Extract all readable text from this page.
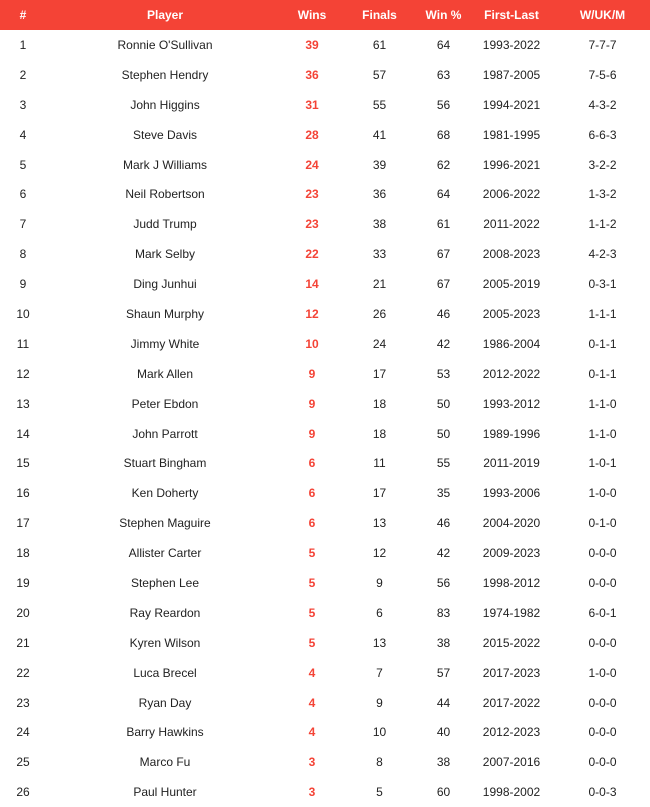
#	Player	Wins	Finals	Win %	First-Last	W/UK/M
1	Ronnie O'Sullivan	39	61	64	1993-2022	7-7-7
2	Stephen Hendry	36	57	63	1987-2005	7-5-6
3	John Higgins	31	55	56	1994-2021	4-3-2
4	Steve Davis	28	41	68	1981-1995	6-6-3
5	Mark J Williams	24	39	62	1996-2021	3-2-2
6	Neil Robertson	23	36	64	2006-2022	1-3-2
7	Judd Trump	23	38	61	2011-2022	1-1-2
8	Mark Selby	22	33	67	2008-2023	4-2-3
9	Ding Junhui	14	21	67	2005-2019	0-3-1
10	Shaun Murphy	12	26	46	2005-2023	1-1-1
11	Jimmy White	10	24	42	1986-2004	0-1-1
12	Mark Allen	9	17	53	2012-2022	0-1-1
13	Peter Ebdon	9	18	50	1993-2012	1-1-0
14	John Parrott	9	18	50	1989-1996	1-1-0
15	Stuart Bingham	6	11	55	2011-2019	1-0-1
16	Ken Doherty	6	17	35	1993-2006	1-0-0
17	Stephen Maguire	6	13	46	2004-2020	0-1-0
18	Allister Carter	5	12	42	2009-2023	0-0-0
19	Stephen Lee	5	9	56	1998-2012	0-0-0
20	Ray Reardon	5	6	83	1974-1982	6-0-1
21	Kyren Wilson	5	13	38	2015-2022	0-0-0
22	Luca Brecel	4	7	57	2017-2023	1-0-0
23	Ryan Day	4	9	44	2017-2022	0-0-0
24	Barry Hawkins	4	10	40	2012-2023	0-0-0
25	Marco Fu	3	8	38	2007-2016	0-0-0
26	Paul Hunter	3	5	60	1998-2002	0-0-3
